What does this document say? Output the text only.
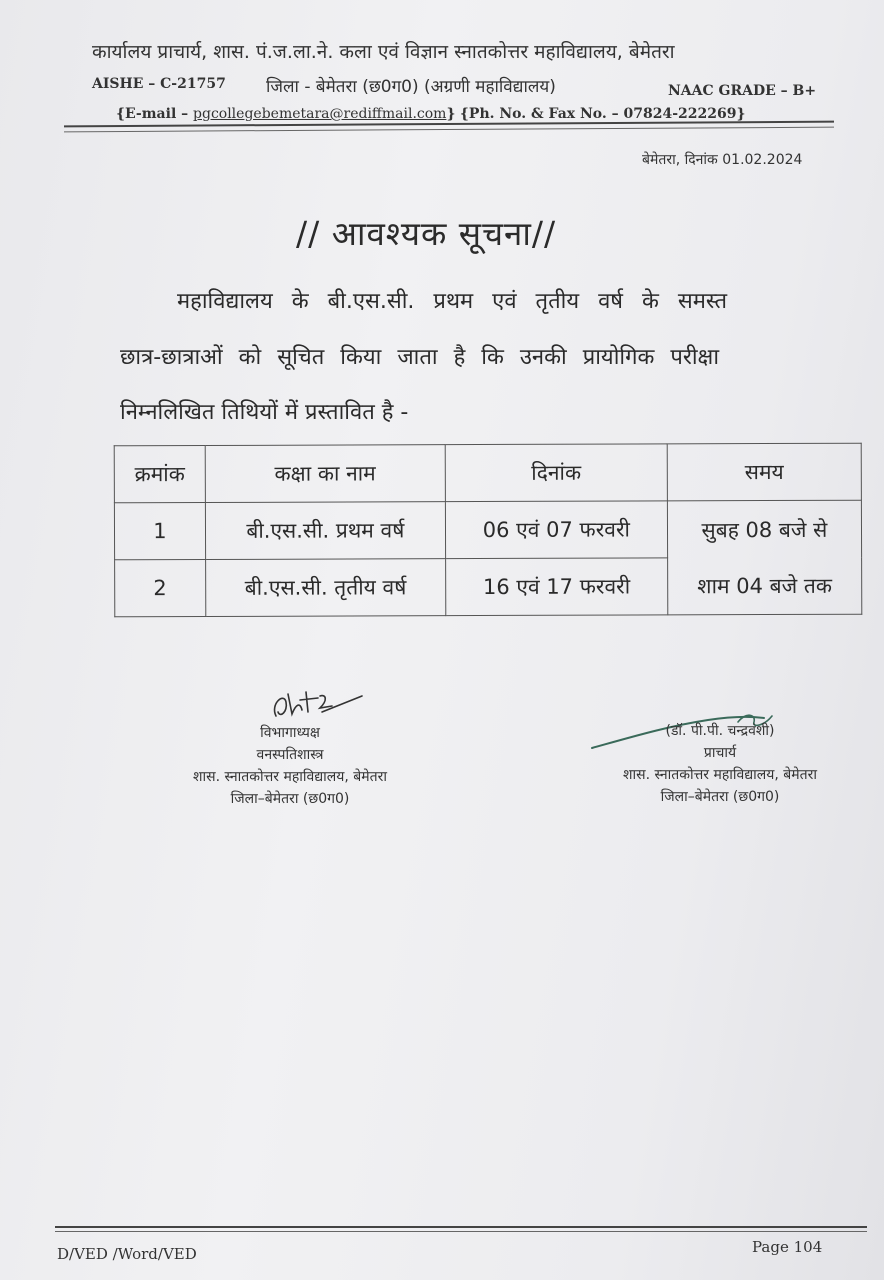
कार्यालय प्राचार्य, शास. पं.ज.ला.ने. कला एवं विज्ञान स्नातकोत्तर महाविद्यालय, बेमेतरा
AISHE – C-21757 जिला - बेमेतरा (छ0ग0) (अग्रणी महाविद्यालय)	NAAC GRADE – B+
{E-mail – pgcollegebemetara@rediffmail.com} {Ph. No. & Fax No. – 07824-222269}
बेमेतरा, दिनांक 01.02.2024
// आवश्यक सूचना//
महाविद्यालय के बी.एस.सी. प्रथम एवं तृतीय वर्ष के समस्त
छात्र-छात्राओं को सूचित किया जाता है कि उनकी प्रायोगिक परीक्षा
निम्नलिखित तिथियों में प्रस्तावित है -
क्रमांक	कक्षा का नाम	दिनांक	समय
1	बी.एस.सी. प्रथम वर्ष	06 एवं 07 फरवरी	सुबह 08 बजे से
शाम 04 बजे तक

2	बी.एस.सी. तृतीय वर्ष	16 एवं 17 फरवरी	
विभागाध्यक्ष
वनस्पतिशास्त्र
शास. स्नातकोत्तर महाविद्यालय, बेमेतरा
जिला–बेमेतरा (छ0ग0)
(डॉ. पी.पी. चन्द्रवंशी)
प्राचार्य
शास. स्नातकोत्तर महाविद्यालय, बेमेतरा
जिला–बेमेतरा (छ0ग0)
D/VED /Word/VED	Page 104
